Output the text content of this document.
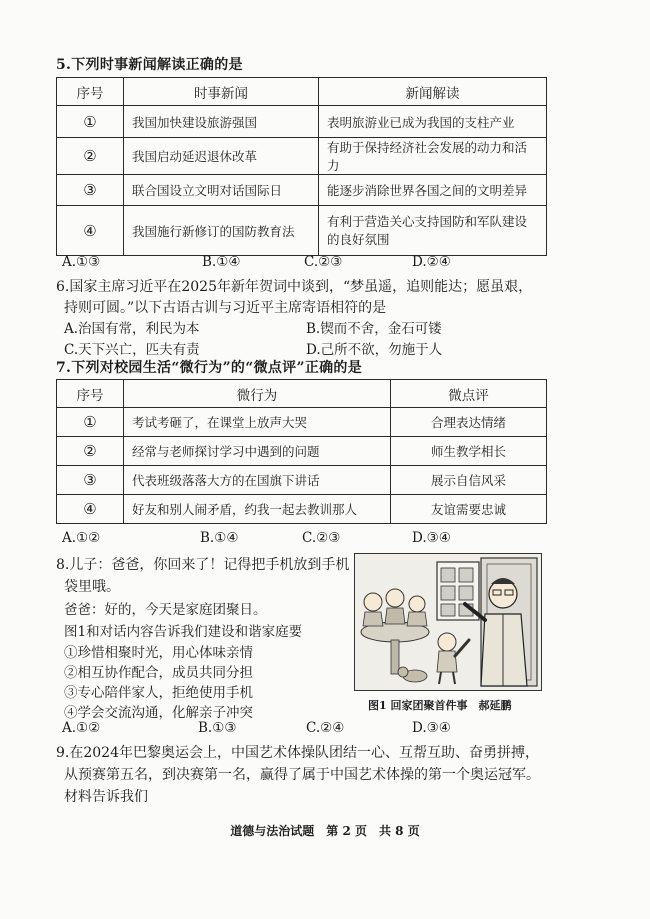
5.下列时事新闻解读正确的是
序号	时事新闻	新闻解读
①	我国加快建设旅游强国	表明旅游业已成为我国的支柱产业
②	我国启动延迟退休改革	有助于保持经济社会发展的动力和活力
③	联合国设立文明对话国际日	能逐步消除世界各国之间的文明差异
④	我国施行新修订的国防教育法	有利于营造关心支持国防和军队建设的良好氛围
A.①③	B.①④	C.②③	D.②④
6.国家主席习近平在2025年新年贺词中谈到，“梦虽遥，追则能达；愿虽艰，
持则可圆。”以下古语古训与习近平主席寄语相符的是
A.治国有常，利民为本	B.锲而不舍，金石可镂
C.天下兴亡，匹夫有责	D.己所不欲，勿施于人
7.下列对校园生活“微行为”的“微点评”正确的是
序号	微行为	微点评
①	考试考砸了，在课堂上放声大哭	合理表达情绪
②	经常与老师探讨学习中遇到的问题	师生教学相长
③	代表班级落落大方的在国旗下讲话	展示自信风采
④	好友和别人闹矛盾，约我一起去教训那人	友谊需要忠诚
A.①②	B.①④	C.②③	D.③④
8.儿子：爸爸，你回来了！记得把手机放到手机
袋里哦。
爸爸：好的，今天是家庭团聚日。
图1和对话内容告诉我们建设和谐家庭要
①珍惜相聚时光，用心体味亲情
②相互协作配合，成员共同分担
③专心陪伴家人，拒绝使用手机
④学会交流沟通，化解亲子冲突	图1 回家团聚首件事　郝延鹏
A.①②	B.①③	C.②④	D.③④
9.在2024年巴黎奥运会上，中国艺术体操队团结一心、互帮互助、奋勇拼搏，
从预赛第五名，到决赛第一名，赢得了属于中国艺术体操的第一个奥运冠军。
材料告诉我们
道德与法治试题　第 2 页　共 8 页
